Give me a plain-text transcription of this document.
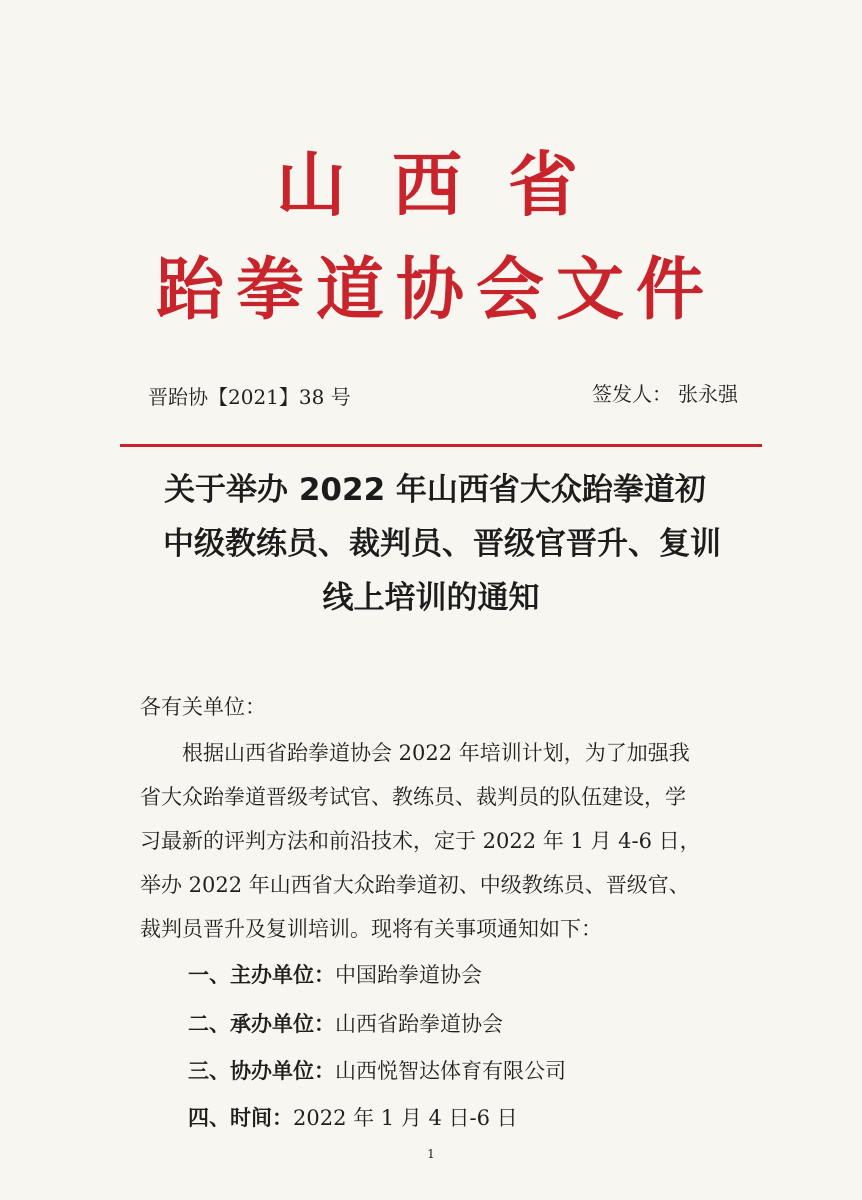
山西省
跆拳道协会文件
晋跆协【2021】38 号	签发人： 张永强
关于举办 2022 年山西省大众跆拳道初
中级教练员、裁判员、晋级官晋升、复训
线上培训的通知
各有关单位：
　　根据山西省跆拳道协会 2022 年培训计划，为了加强我
省大众跆拳道晋级考试官、教练员、裁判员的队伍建设，学
习最新的评判方法和前沿技术，定于 2022 年 1 月 4-6 日，
举办 2022 年山西省大众跆拳道初、中级教练员、晋级官、
裁判员晋升及复训培训。现将有关事项通知如下：
一、主办单位：中国跆拳道协会
二、承办单位：山西省跆拳道协会
三、协办单位：山西悦智达体育有限公司
四、时间：2022 年 1 月 4 日-6 日
1
